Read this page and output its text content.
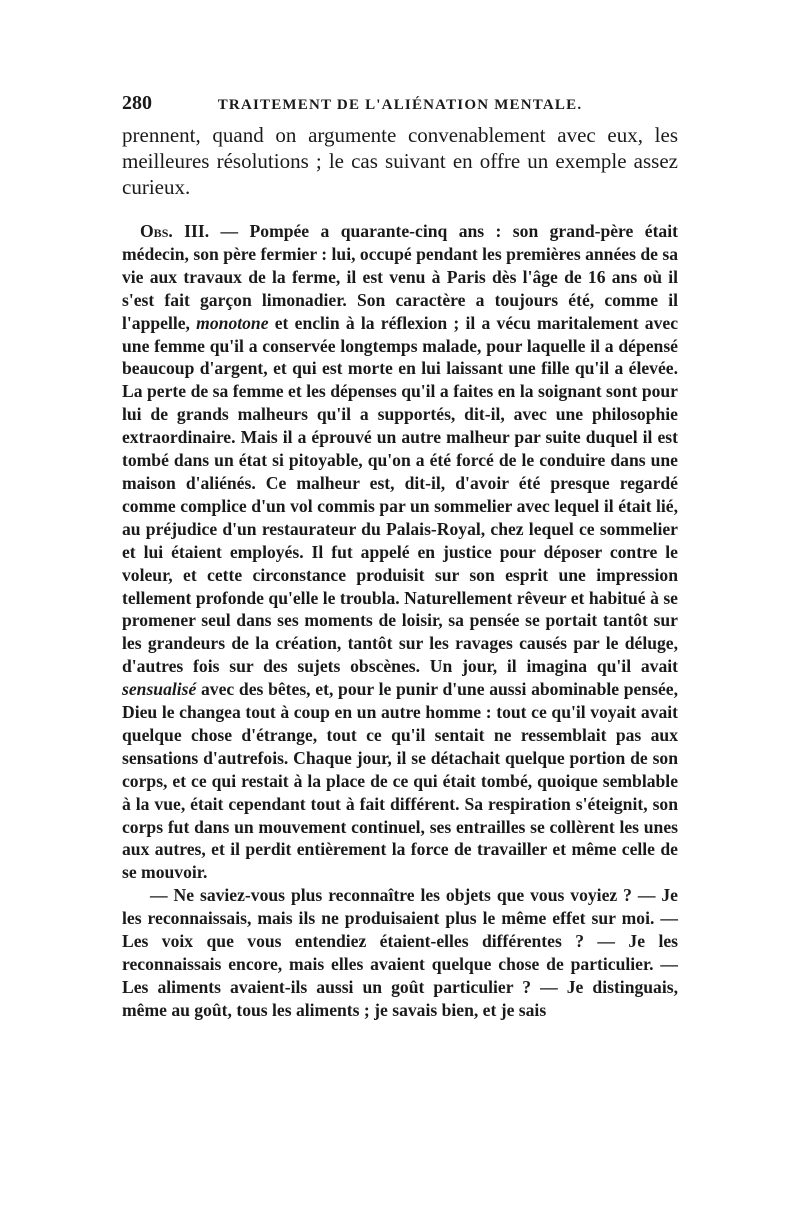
280	TRAITEMENT DE L'ALIÉNATION MENTALE.

prennent, quand on argumente convenablement avec eux, les meilleures résolutions ; le cas suivant en offre un exemple assez curieux.

Obs. III. — Pompée a quarante-cinq ans : son grand-père était médecin, son père fermier : lui, occupé pendant les premières années de sa vie aux travaux de la ferme, il est venu à Paris dès l'âge de 16 ans où il s'est fait garçon limonadier. Son caractère a toujours été, comme il l'appelle, monotone et enclin à la réflexion ; il a vécu maritalement avec une femme qu'il a conservée longtemps malade, pour laquelle il a dépensé beaucoup d'argent, et qui est morte en lui laissant une fille qu'il a élevée. La perte de sa femme et les dépenses qu'il a faites en la soignant sont pour lui de grands malheurs qu'il a supportés, dit-il, avec une philosophie extraordinaire. Mais il a éprouvé un autre malheur par suite duquel il est tombé dans un état si pitoyable, qu'on a été forcé de le conduire dans une maison d'aliénés. Ce malheur est, dit-il, d'avoir été presque regardé comme complice d'un vol commis par un sommelier avec lequel il était lié, au préjudice d'un restaurateur du Palais-Royal, chez lequel ce sommelier et lui étaient employés. Il fut appelé en justice pour déposer contre le voleur, et cette circonstance produisit sur son esprit une impression tellement profonde qu'elle le troubla. Naturellement rêveur et habitué à se promener seul dans ses moments de loisir, sa pensée se portait tantôt sur les grandeurs de la création, tantôt sur les ravages causés par le déluge, d'autres fois sur des sujets obscènes. Un jour, il imagina qu'il avait sensualisé avec des bêtes, et, pour le punir d'une aussi abominable pensée, Dieu le changea tout à coup en un autre homme : tout ce qu'il voyait avait quelque chose d'étrange, tout ce qu'il sentait ne ressemblait pas aux sensations d'autrefois. Chaque jour, il se détachait quelque portion de son corps, et ce qui restait à la place de ce qui était tombé, quoique semblable à la vue, était cependant tout à fait différent. Sa respiration s'éteignit, son corps fut dans un mouvement continuel, ses entrailles se collèrent les unes aux autres, et il perdit entièrement la force de travailler et même celle de se mouvoir.

— Ne saviez-vous plus reconnaître les objets que vous voyiez ? — Je les reconnaissais, mais ils ne produisaient plus le même effet sur moi. — Les voix que vous entendiez étaient-elles différentes ? — Je les reconnaissais encore, mais elles avaient quelque chose de particulier. — Les aliments avaient-ils aussi un goût particulier ? — Je distinguais, même au goût, tous les aliments ; je savais bien, et je sais
